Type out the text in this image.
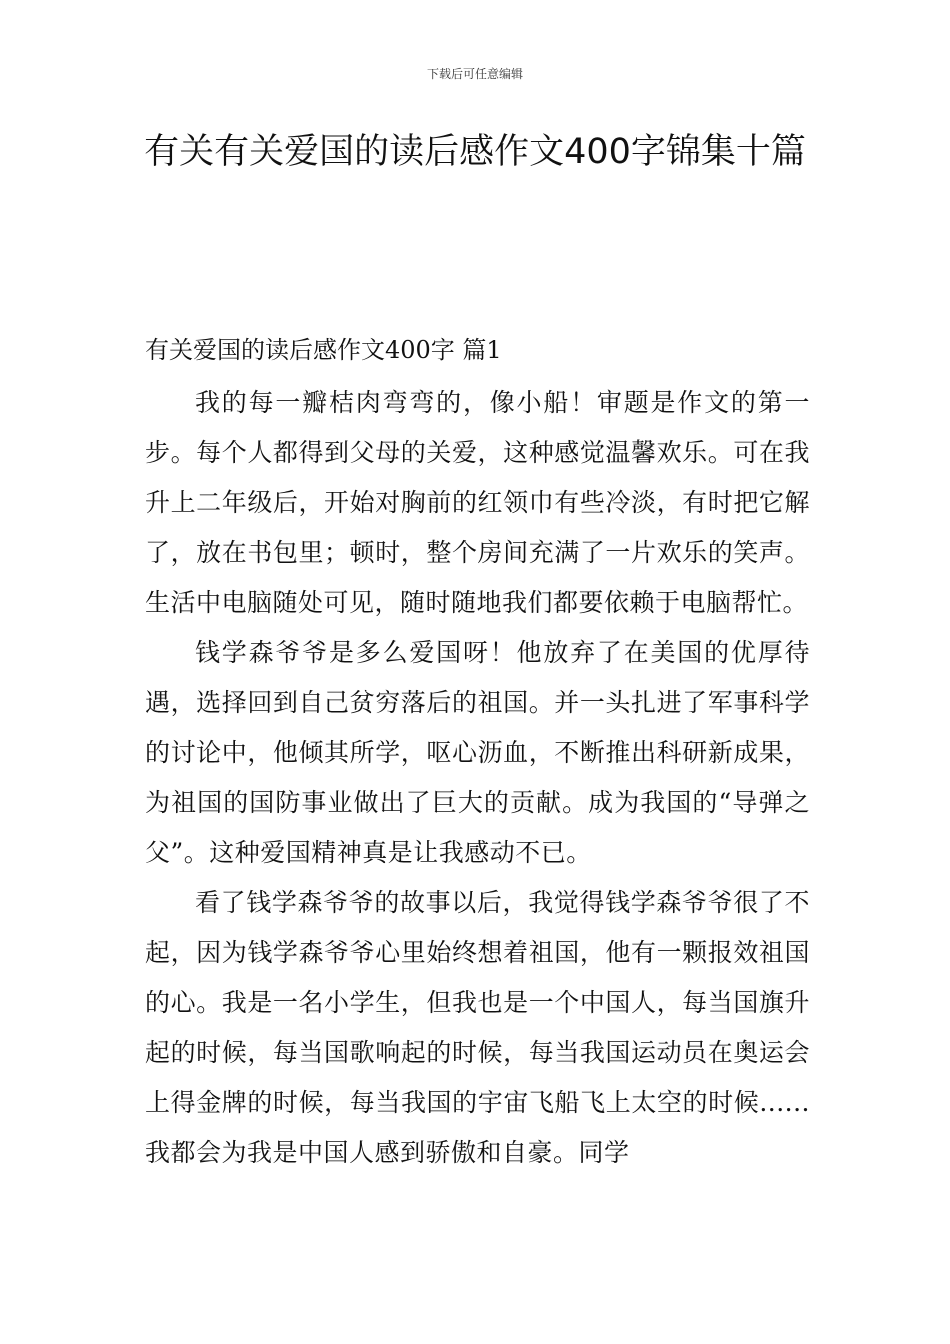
下载后可任意编辑
有关有关爱国的读后感作文400字锦集十篇
有关爱国的读后感作文400字 篇1

我的每一瓣桔肉弯弯的，像小船！审题是作文的第一步。每个人都得到父母的关爱，这种感觉温馨欢乐。可在我升上二年级后，开始对胸前的红领巾有些冷淡，有时把它解了，放在书包里；顿时，整个房间充满了一片欢乐的笑声。生活中电脑随处可见，随时随地我们都要依赖于电脑帮忙。

钱学森爷爷是多么爱国呀！他放弃了在美国的优厚待遇，选择回到自己贫穷落后的祖国。并一头扎进了军事科学的讨论中，他倾其所学，呕心沥血，不断推出科研新成果，为祖国的国防事业做出了巨大的贡献。成为我国的“导弹之父”。这种爱国精神真是让我感动不已。

看了钱学森爷爷的故事以后，我觉得钱学森爷爷很了不起，因为钱学森爷爷心里始终想着祖国，他有一颗报效祖国的心。我是一名小学生，但我也是一个中国人，每当国旗升起的时候，每当国歌响起的时候，每当我国运动员在奥运会上得金牌的时候，每当我国的宇宙飞船飞上太空的时候......我都会为我是中国人感到骄傲和自豪。同学
